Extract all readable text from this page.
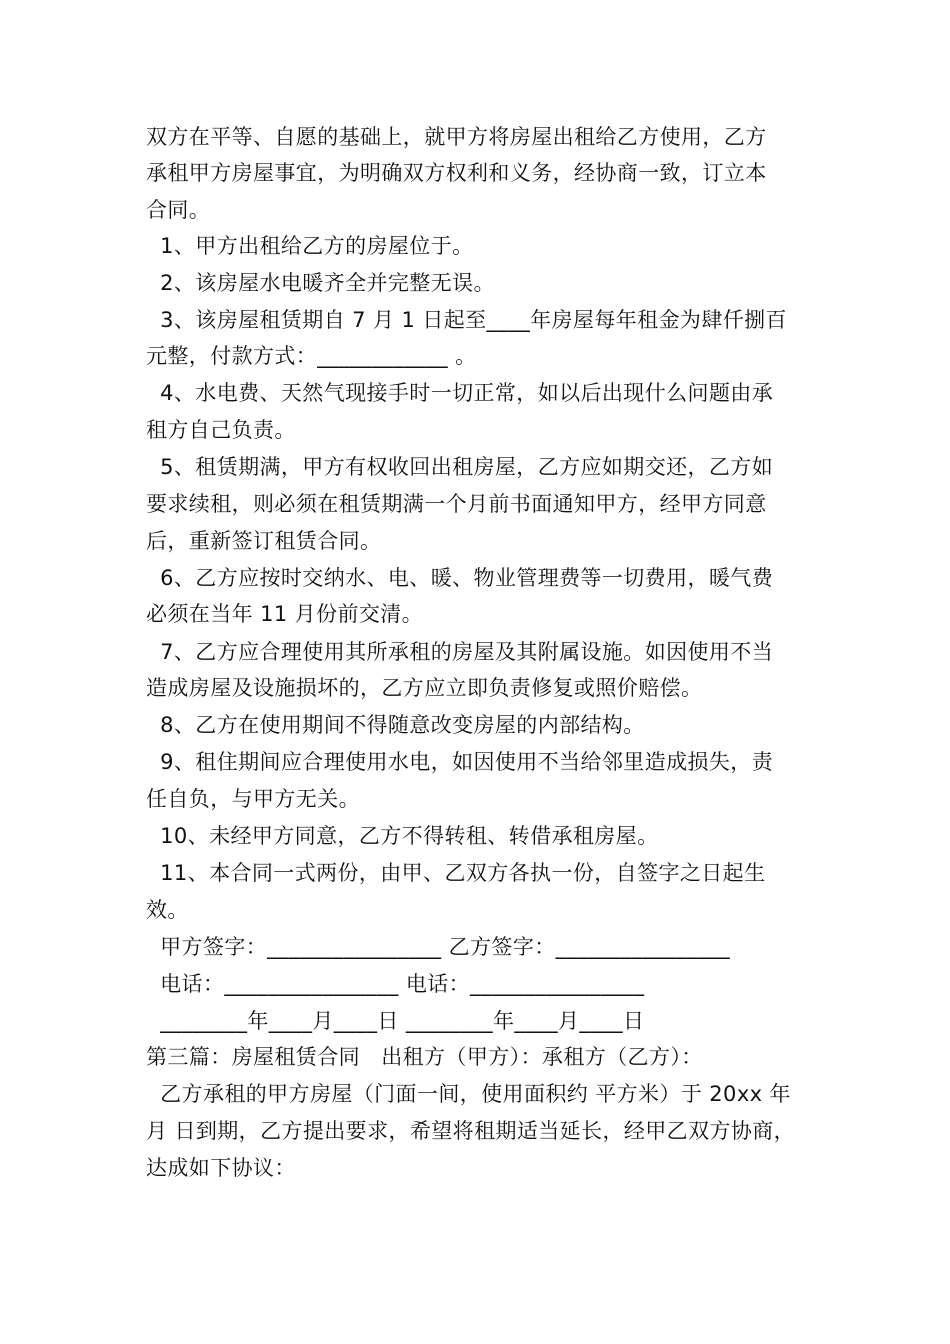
双方在平等、自愿的基础上，就甲方将房屋出租给乙方使用，乙方
承租甲方房屋事宜，为明确双方权利和义务，经协商一致，订立本
合同。
1、甲方出租给乙方的房屋位于。
2、该房屋水电暖齐全并完整无误。
3、该房屋租赁期自 7 月 1 日起至____年房屋每年租金为肆仟捌百
元整，付款方式：____________ 。
4、水电费、天然气现接手时一切正常，如以后出现什么问题由承
租方自己负责。
5、租赁期满，甲方有权收回出租房屋，乙方应如期交还，乙方如
要求续租，则必须在租赁期满一个月前书面通知甲方，经甲方同意
后，重新签订租赁合同。
6、乙方应按时交纳水、电、暖、物业管理费等一切费用，暖气费
必须在当年 11 月份前交清。
7、乙方应合理使用其所承租的房屋及其附属设施。如因使用不当
造成房屋及设施损坏的，乙方应立即负责修复或照价赔偿。
8、乙方在使用期间不得随意改变房屋的内部结构。
9、租住期间应合理使用水电，如因使用不当给邻里造成损失，责
任自负，与甲方无关。
10、未经甲方同意，乙方不得转租、转借承租房屋。
11、本合同一式两份，由甲、乙双方各执一份，自签字之日起生
效。
甲方签字：________________ 乙方签字：________________
电话：________________ 电话：________________
________年____月____日 ________年____月____日
第三篇：房屋租赁合同   出租方（甲方）：承租方（乙方）：
乙方承租的甲方房屋（门面一间，使用面积约 平方米）于 20xx 年
月 日到期，乙方提出要求，希望将租期适当延长，经甲乙双方协商，
达成如下协议：
